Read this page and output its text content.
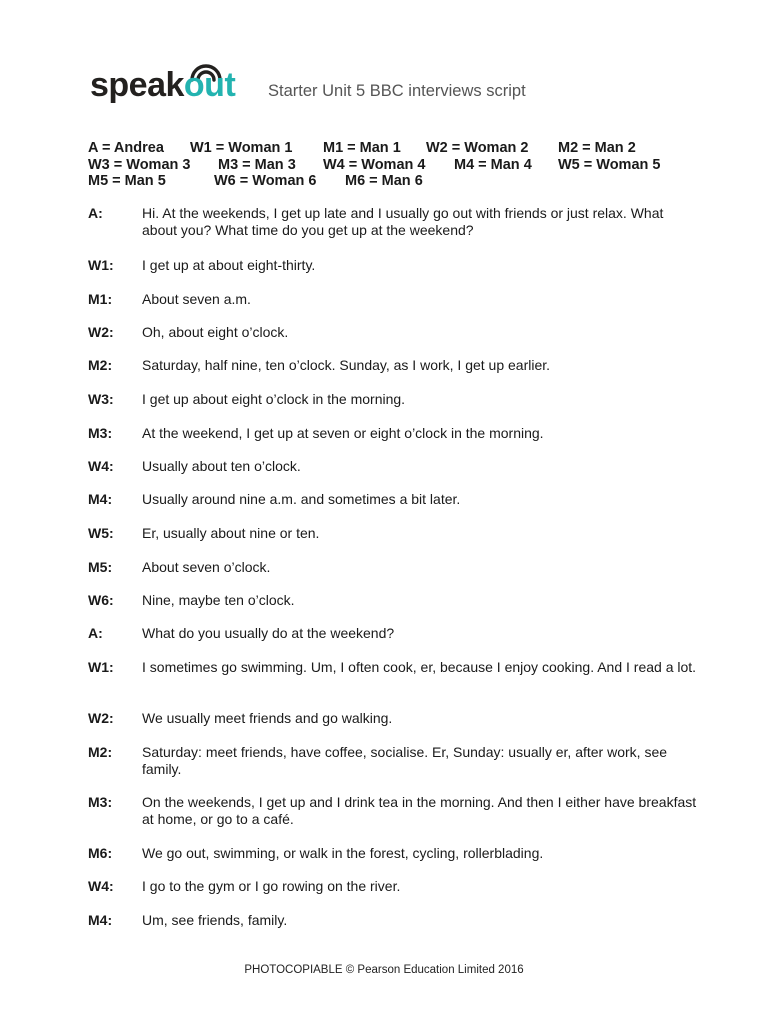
speakout Starter Unit 5 BBC interviews script
A = Andrea W1 = Woman 1 M1 = Man 1 W2 = Woman 2 M2 = Man 2
W3 = Woman 3 M3 = Man 3 W4 = Woman 4 M4 = Man 4 W5 = Woman 5
M5 = Man 5	W6 = Woman 6 M6 = Man 6
A:	Hi. At the weekends, I get up late and I usually go out with friends or just relax. What about you? What time do you get up at the weekend?
W1: I get up at about eight-thirty.
M1: About seven a.m.
W2: Oh, about eight o’clock.
M2: Saturday, half nine, ten o’clock. Sunday, as I work, I get up earlier.
W3: I get up about eight o’clock in the morning.
M3: At the weekend, I get up at seven or eight o’clock in the morning.
W4: Usually about ten o’clock.
M4: Usually around nine a.m. and sometimes a bit later.
W5: Er, usually about nine or ten.
M5: About seven o’clock.
W6: Nine, maybe ten o’clock.
A:	What do you usually do at the weekend?
W1: I sometimes go swimming. Um, I often cook, er, because I enjoy cooking. And I read a lot.
W2: We usually meet friends and go walking.
M2: Saturday: meet friends, have coffee, socialise. Er, Sunday: usually er, after work, see family.
M3: On the weekends, I get up and I drink tea in the morning. And then I either have breakfast at home, or go to a café.
M6: We go out, swimming, or walk in the forest, cycling, rollerblading.
W4: I go to the gym or I go rowing on the river.
M4: Um, see friends, family.
PHOTOCOPIABLE © Pearson Education Limited 2016
